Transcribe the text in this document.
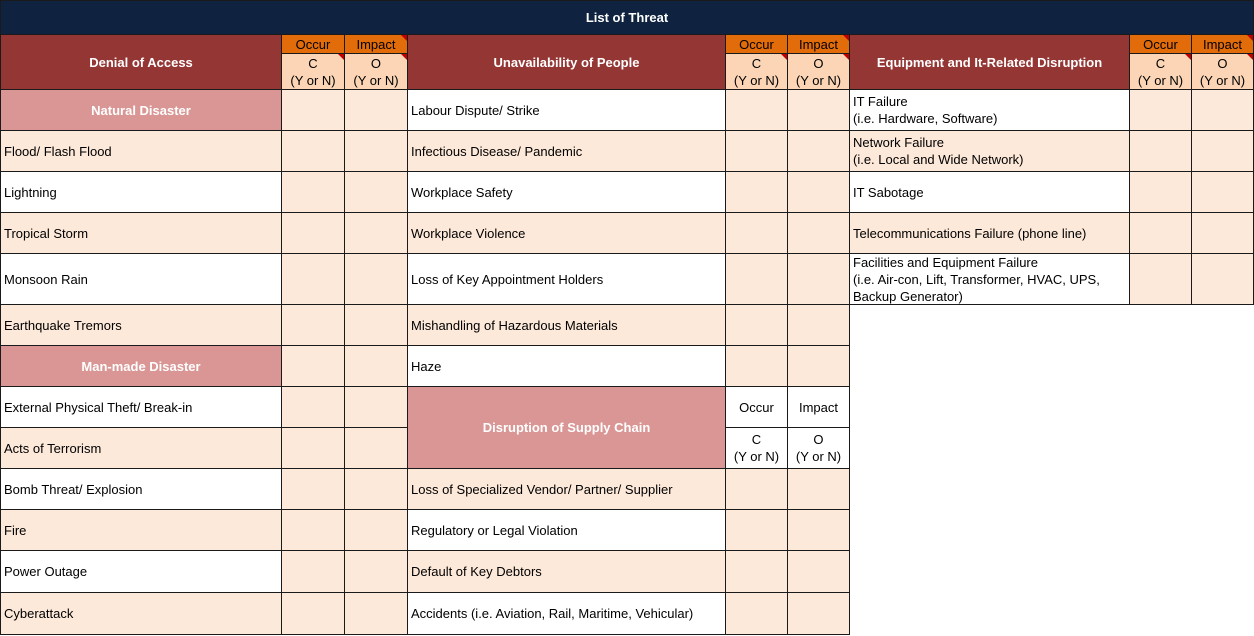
List of Threat
Denial of Access
Occur Impact
C
(Y or N)
O
(Y or N)
Unavailability of People
Occur Impact
C
(Y or N)
O
(Y or N)
Equipment and It-Related Disruption
Occur Impact
C
(Y or N)
O
(Y or N)
Natural Disaster
Flood/ Flash Flood
Lightning
Tropical Storm
Monsoon Rain
Earthquake Tremors
Man-made Disaster
External Physical Theft/ Break-in
Acts of Terrorism
Bomb Threat/ Explosion
Fire
Power Outage
Cyberattack
Labour Dispute/ Strike
Infectious Disease/ Pandemic
Workplace Safety
Workplace Violence
Loss of Key Appointment Holders
Mishandling of Hazardous Materials
Haze
Disruption of Supply Chain
Occur Impact
C
(Y or N)
O
(Y or N)
Loss of Specialized Vendor/ Partner/ Supplier
Regulatory or Legal Violation
Default of Key Debtors
Accidents (i.e. Aviation, Rail, Maritime, Vehicular)
IT Failure
(i.e. Hardware, Software)
Network Failure
(i.e. Local and Wide Network)
IT Sabotage
Telecommunications Failure (phone line)
Facilities and Equipment Failure
(i.e. Air-con, Lift, Transformer, HVAC, UPS,
Backup Generator)
